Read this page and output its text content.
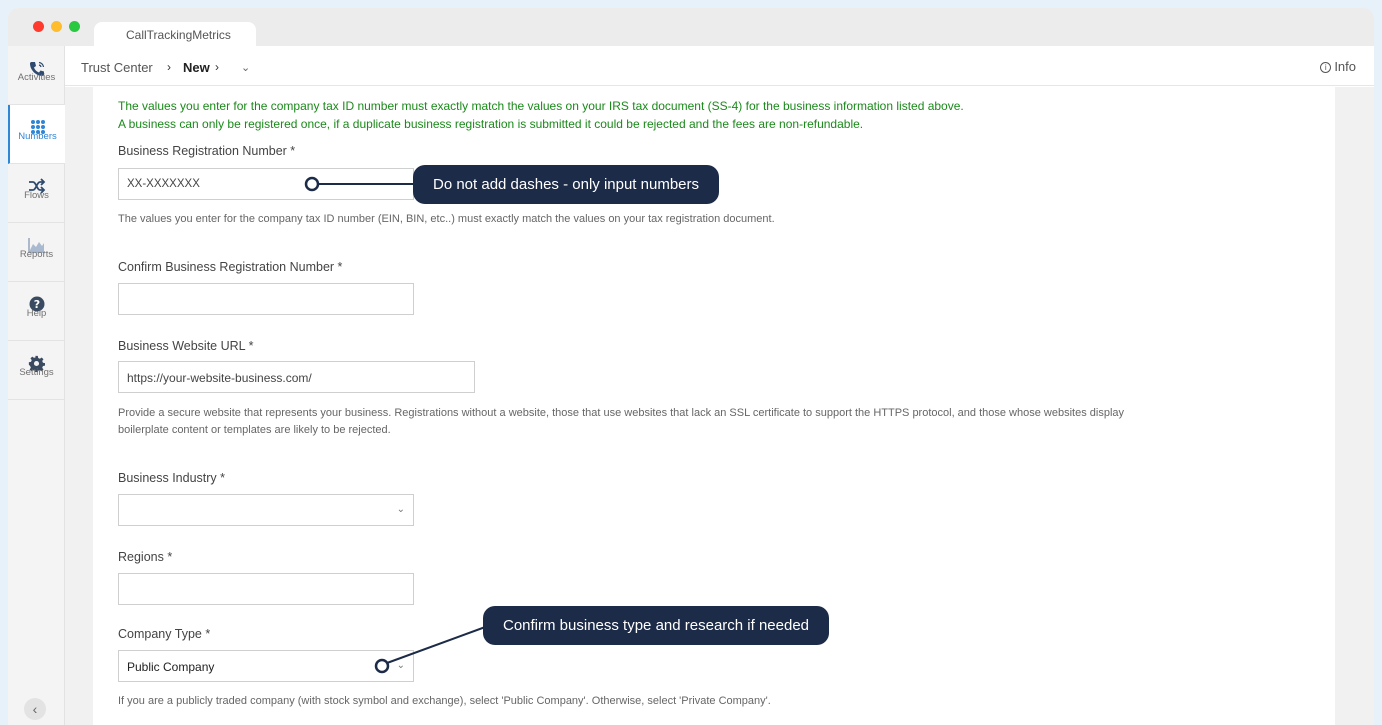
CallTrackingMetrics
Activities
Numbers
Flows
Reports
?
Help
Settings
‹
Trust Center › New › ⌄	i Info
The values you enter for the company tax ID number must exactly match the values on your IRS tax document (SS-4) for the business information listed above.
A business can only be registered once, if a duplicate business registration is submitted it could be rejected and the fees are non-refundable.
Business Registration Number *
XX-XXXXXXX
The values you enter for the company tax ID number (EIN, BIN, etc..) must exactly match the values on your tax registration document.
Confirm Business Registration Number *
Business Website URL *
https://your-website-business.com/
Provide a secure website that represents your business. Registrations without a website, those that use websites that lack an SSL certificate to support the HTTPS protocol, and those whose websites display
boilerplate content or templates are likely to be rejected.
Business Industry *
⌄
Regions *
Company Type *
Public Company	⌄
If you are a publicly traded company (with stock symbol and exchange), select 'Public Company'. Otherwise, select 'Private Company'.
Do not add dashes - only input numbers
Confirm business type and research if needed
